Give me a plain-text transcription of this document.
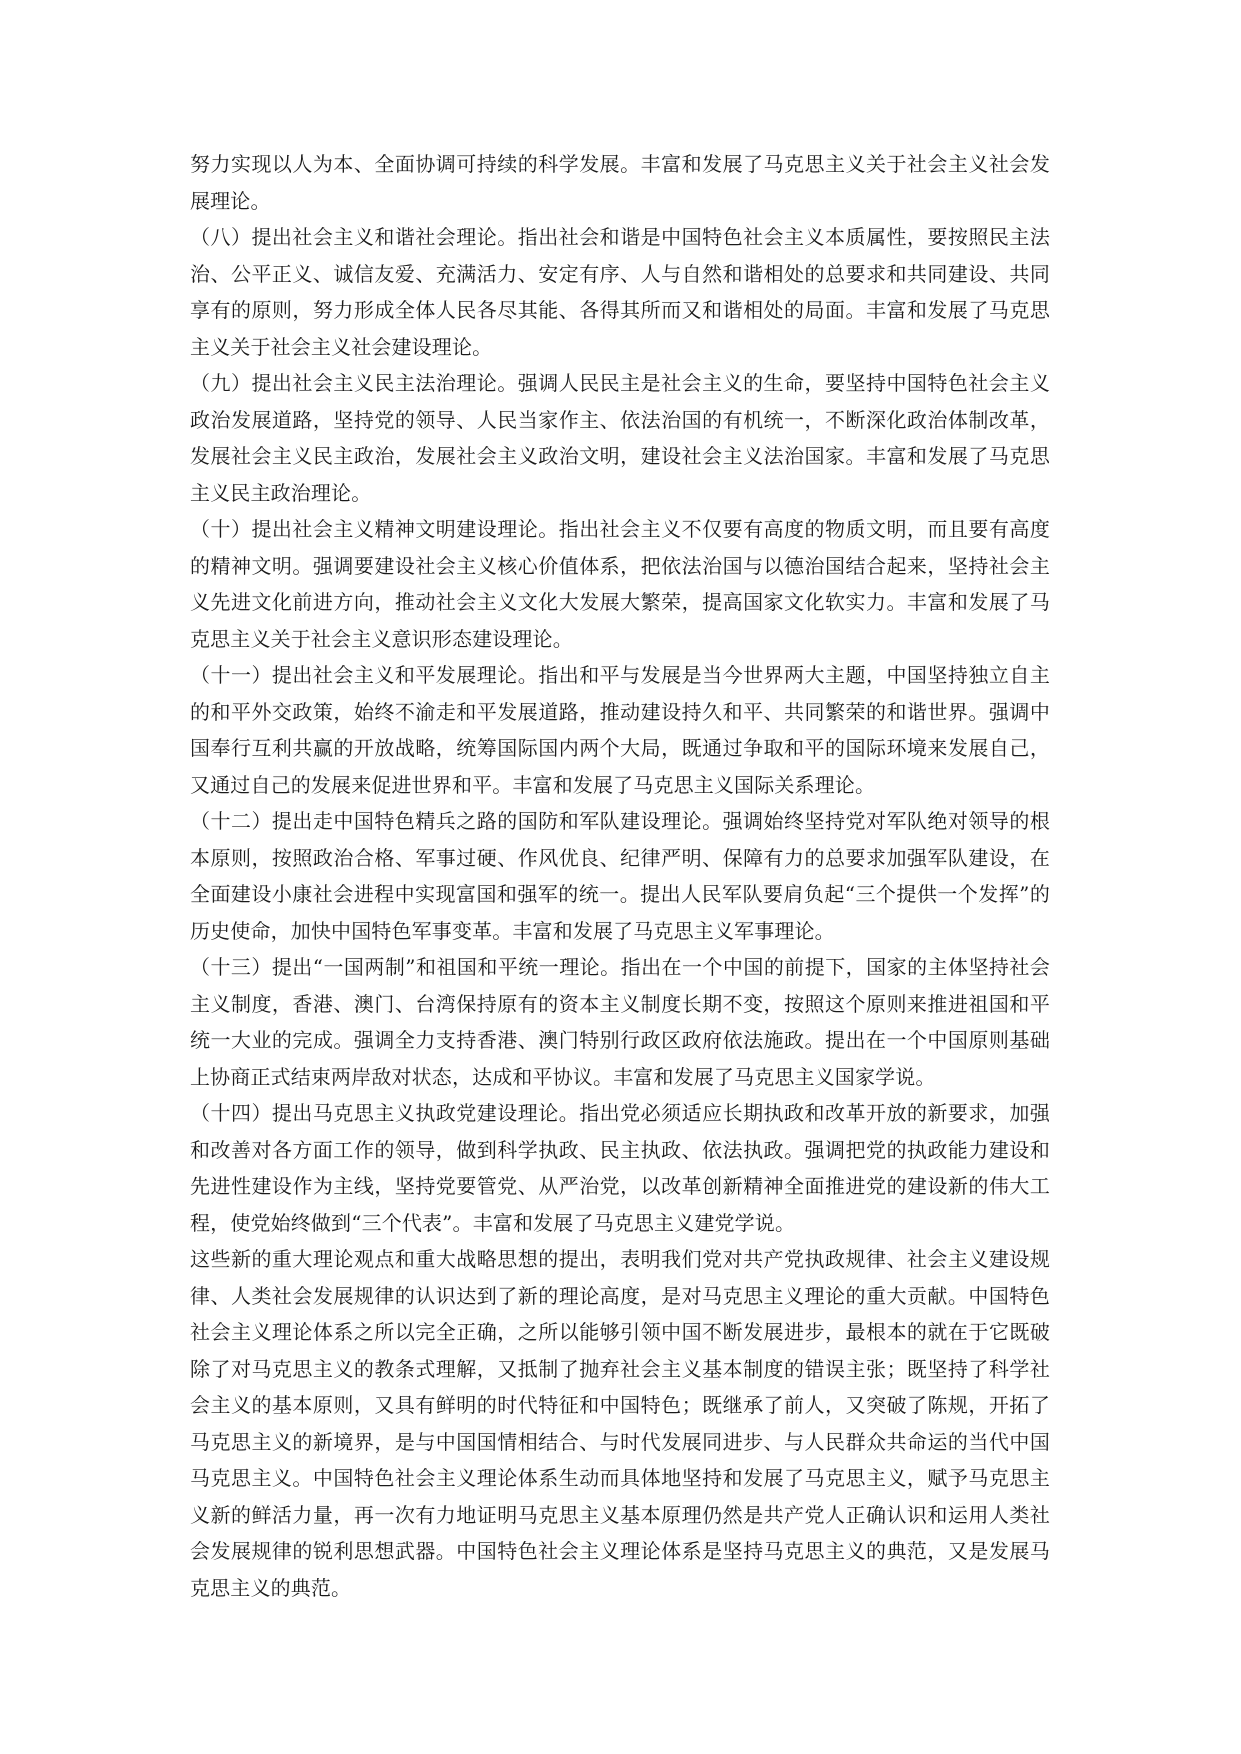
努力实现以人为本、全面协调可持续的科学发展。丰富和发展了马克思主义关于社会主义社会发展理论。

（八）提出社会主义和谐社会理论。指出社会和谐是中国特色社会主义本质属性，要按照民主法治、公平正义、诚信友爱、充满活力、安定有序、人与自然和谐相处的总要求和共同建设、共同享有的原则，努力形成全体人民各尽其能、各得其所而又和谐相处的局面。丰富和发展了马克思主义关于社会主义社会建设理论。

（九）提出社会主义民主法治理论。强调人民民主是社会主义的生命，要坚持中国特色社会主义政治发展道路，坚持党的领导、人民当家作主、依法治国的有机统一，不断深化政治体制改革，发展社会主义民主政治，发展社会主义政治文明，建设社会主义法治国家。丰富和发展了马克思主义民主政治理论。

（十）提出社会主义精神文明建设理论。指出社会主义不仅要有高度的物质文明，而且要有高度的精神文明。强调要建设社会主义核心价值体系，把依法治国与以德治国结合起来，坚持社会主义先进文化前进方向，推动社会主义文化大发展大繁荣，提高国家文化软实力。丰富和发展了马克思主义关于社会主义意识形态建设理论。

（十一）提出社会主义和平发展理论。指出和平与发展是当今世界两大主题，中国坚持独立自主的和平外交政策，始终不渝走和平发展道路，推动建设持久和平、共同繁荣的和谐世界。强调中国奉行互利共赢的开放战略，统筹国际国内两个大局，既通过争取和平的国际环境来发展自己，又通过自己的发展来促进世界和平。丰富和发展了马克思主义国际关系理论。

（十二）提出走中国特色精兵之路的国防和军队建设理论。强调始终坚持党对军队绝对领导的根本原则，按照政治合格、军事过硬、作风优良、纪律严明、保障有力的总要求加强军队建设，在全面建设小康社会进程中实现富国和强军的统一。提出人民军队要肩负起“三个提供一个发挥”的历史使命，加快中国特色军事变革。丰富和发展了马克思主义军事理论。

（十三）提出“一国两制”和祖国和平统一理论。指出在一个中国的前提下，国家的主体坚持社会主义制度，香港、澳门、台湾保持原有的资本主义制度长期不变，按照这个原则来推进祖国和平统一大业的完成。强调全力支持香港、澳门特别行政区政府依法施政。提出在一个中国原则基础上协商正式结束两岸敌对状态，达成和平协议。丰富和发展了马克思主义国家学说。

（十四）提出马克思主义执政党建设理论。指出党必须适应长期执政和改革开放的新要求，加强和改善对各方面工作的领导，做到科学执政、民主执政、依法执政。强调把党的执政能力建设和先进性建设作为主线，坚持党要管党、从严治党，以改革创新精神全面推进党的建设新的伟大工程，使党始终做到“三个代表”。丰富和发展了马克思主义建党学说。

这些新的重大理论观点和重大战略思想的提出，表明我们党对共产党执政规律、社会主义建设规律、人类社会发展规律的认识达到了新的理论高度，是对马克思主义理论的重大贡献。中国特色社会主义理论体系之所以完全正确，之所以能够引领中国不断发展进步，最根本的就在于它既破除了对马克思主义的教条式理解，又抵制了抛弃社会主义基本制度的错误主张；既坚持了科学社会主义的基本原则，又具有鲜明的时代特征和中国特色；既继承了前人，又突破了陈规，开拓了马克思主义的新境界，是与中国国情相结合、与时代发展同进步、与人民群众共命运的当代中国马克思主义。中国特色社会主义理论体系生动而具体地坚持和发展了马克思主义，赋予马克思主义新的鲜活力量，再一次有力地证明马克思主义基本原理仍然是共产党人正确认识和运用人类社会发展规律的锐利思想武器。中国特色社会主义理论体系是坚持马克思主义的典范，又是发展马克思主义的典范。
